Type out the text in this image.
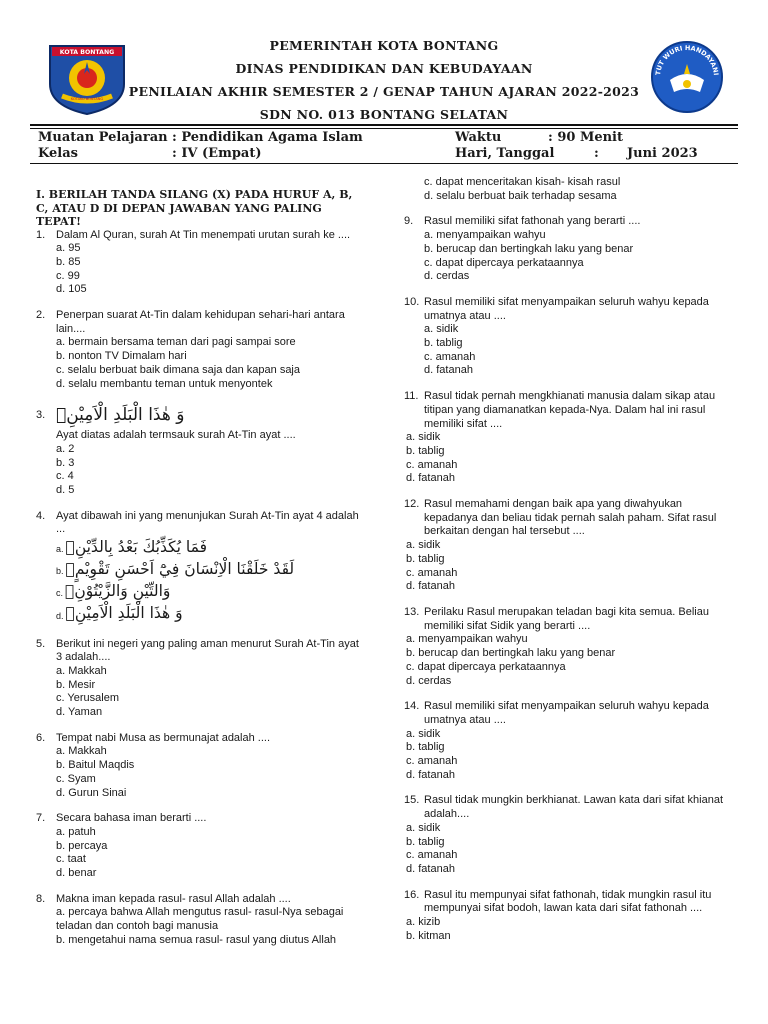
KOTA BONTANG
KOTAKU BONTANG
TUT WURI HANDAYANI
PEMERINTAH KOTA BONTANG
DINAS PENDIDIKAN DAN KEBUDAYAAN
PENILAIAN AKHIR SEMESTER 2 / GENAP TAHUN AJARAN 2022-2023
SDN NO. 013 BONTANG SELATAN
Muatan Pelajaran : Pendidikan Agama Islam
Kelas	: IV (Empat)
Waktu	: 90 Menit
Hari, Tanggal	: Juni 2023
I. BERILAH TANDA SILANG (X) PADA HURUF A, B, C, ATAU D DI DEPAN JAWABAN YANG PALING TEPAT!
1. Dalam Al Quran, surah At Tin menempati urutan surah ke ....
a. 95
b. 85
c. 99
d. 105
2. Penerpan suarat At-Tin dalam kehidupan sehari-hari antara lain....
a. bermain bersama teman dari pagi sampai sore
b. nonton TV Dimalam hari
c. selalu berbuat baik dimana saja dan kapan saja
d. selalu membantu teman untuk menyontek
3. وَ هٰذَا الْبَلَدِ الْاَمِيْنِۙ
Ayat diatas adalah termsauk surah At-Tin ayat ....
a. 2
b. 3
c. 4
d. 5
4. Ayat dibawah ini yang menunjukan Surah At-Tin ayat 4 adalah ...
a. فَمَا يُكَذِّبُكَ بَعْدُ بِالدِّيْنِۗ
b. لَقَدْ خَلَقْنَا الْاِنْسَانَ فِيْٓ اَحْسَنِ تَقْوِيْمٍۖ
c. وَالتِّيْنِ وَالزَّيْتُوْنِۙ
d. وَ هٰذَا الْبَلَدِ الْاَمِيْنِۙ
5. Berikut ini negeri yang paling aman menurut Surah At-Tin ayat 3 adalah....
a. Makkah
b. Mesir
c. Yerusalem
d. Yaman
6. Tempat nabi Musa as bermunajat adalah ....
a. Makkah
b. Baitul Maqdis
c. Syam
d. Gurun Sinai
7. Secara bahasa iman berarti ....
a. patuh
b. percaya
c. taat
d. benar
8. Makna iman kepada rasul- rasul Allah adalah ....
a. percaya bahwa Allah mengutus rasul- rasul-Nya sebagai teladan dan contoh bagi manusia
b. mengetahui nama semua rasul- rasul yang diutus Allah
c. dapat menceritakan kisah- kisah rasul
d. selalu berbuat baik terhadap sesama
9. Rasul memiliki sifat fathonah yang berarti ....
a. menyampaikan wahyu
b. berucap dan bertingkah laku yang benar
c. dapat dipercaya perkataannya
d. cerdas
10. Rasul memiliki sifat menyampaikan seluruh wahyu kepada umatnya atau ....
a. sidik
b. tablig
c. amanah
d. fatanah
11. Rasul tidak pernah mengkhianati manusia dalam sikap atau titipan yang diamanatkan kepada-Nya. Dalam hal ini rasul memiliki sifat ....
a. sidik
b. tablig
c. amanah
d. fatanah
12. Rasul memahami dengan baik apa yang diwahyukan kepadanya dan beliau tidak pernah salah paham. Sifat rasul berkaitan dengan hal tersebut ....
a. sidik
b. tablig
c. amanah
d. fatanah
13. Perilaku Rasul merupakan teladan bagi kita semua. Beliau memiliki sifat Sidik yang berarti ....
a. menyampaikan wahyu
b. berucap dan bertingkah laku yang benar
c. dapat dipercaya perkataannya
d. cerdas
14. Rasul memiliki sifat menyampaikan seluruh wahyu kepada umatnya atau ....
a. sidik
b. tablig
c. amanah
d. fatanah
15. Rasul tidak mungkin berkhianat. Lawan kata dari sifat khianat adalah....
a. sidik
b. tablig
c. amanah
d. fatanah
16. Rasul itu mempunyai sifat fathonah, tidak mungkin rasul itu mempunyai sifat bodoh, lawan kata dari sifat fathonah ....
a. kizib
b. kitman
